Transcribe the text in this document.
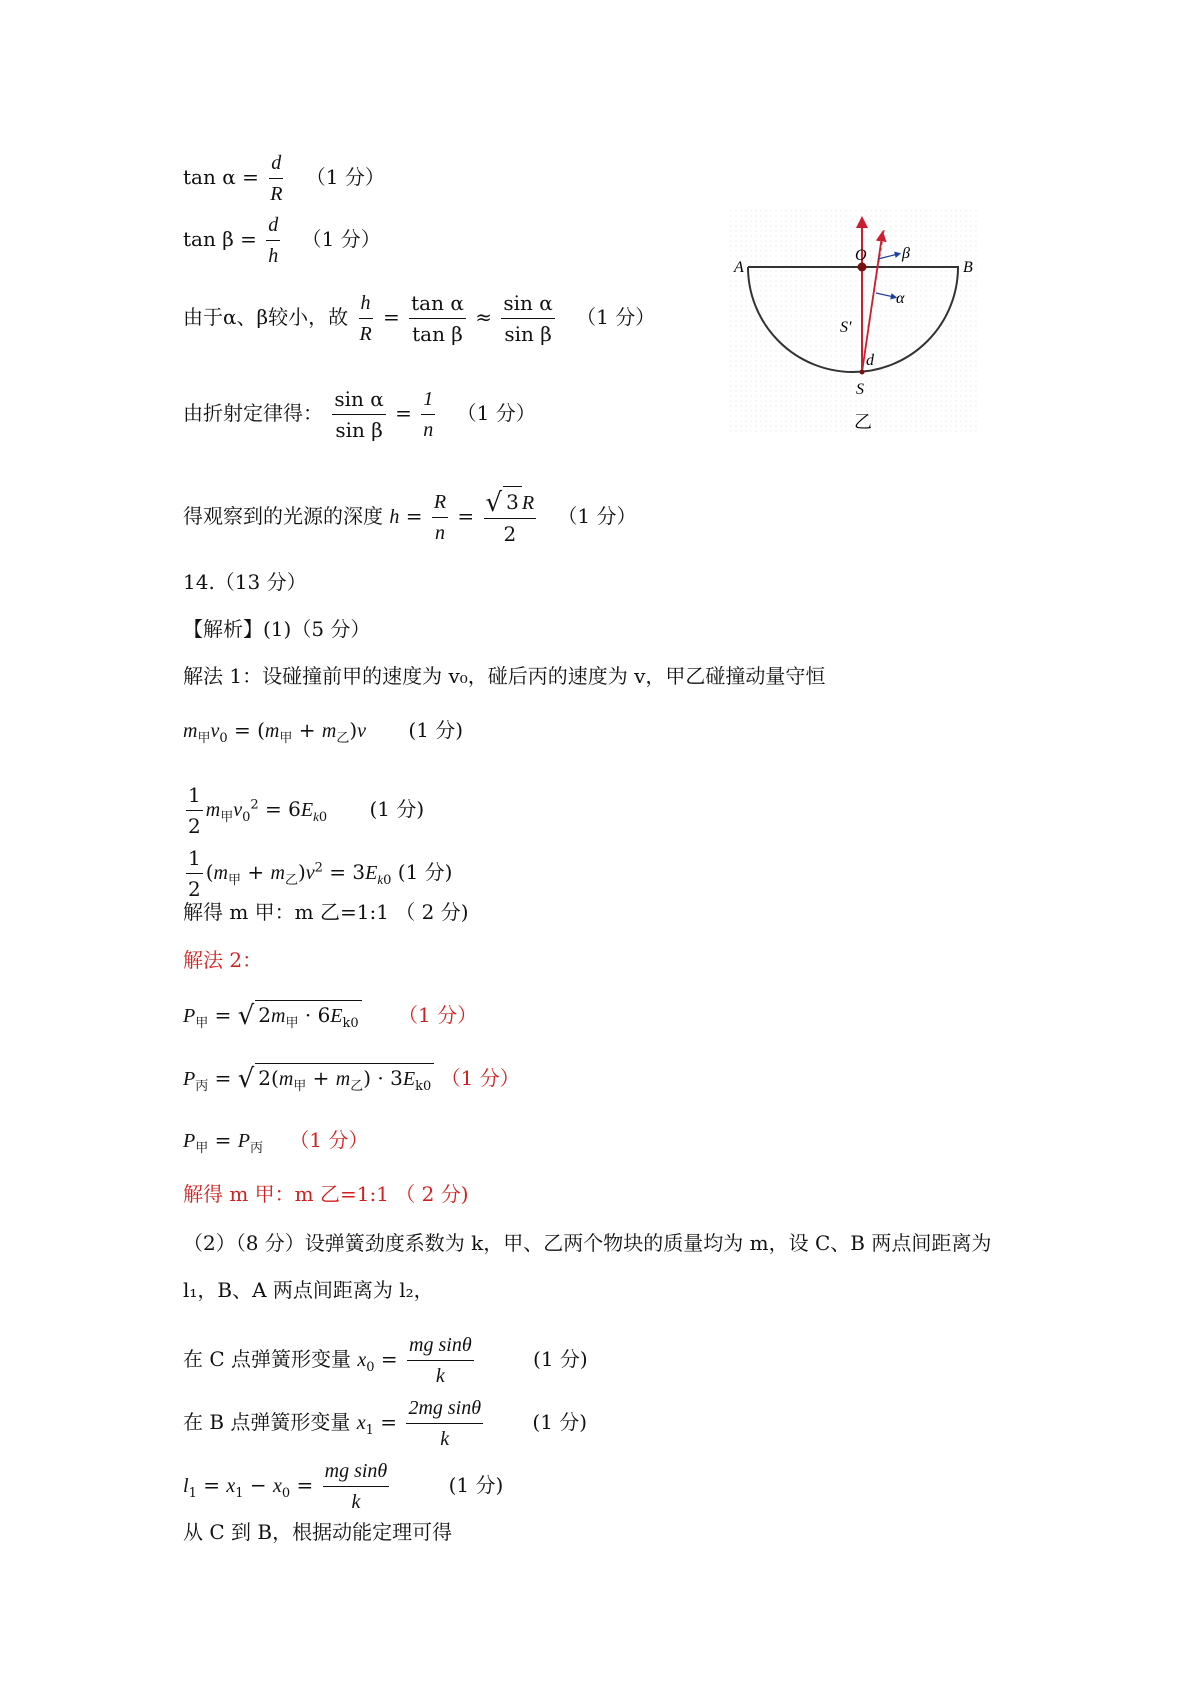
$\tan \alpha = \frac{d}{R} (1$ 分）
$\tan \beta = \frac{d}{h} (1$ 分）
由于α、β较小，故 $\frac{h}{R} = \frac{\text{tan α}}{\text{tan β}} \approx \frac{\text{sin α}}{\text{sin β}} (1$ 分）
由折射定律得： $\frac{\text{sin α}}{\text{sin β}} = \frac{1}{n} (1$ 分）
得观察到的光源的深度 $h = \frac{R}{n} = \frac{√ 3 R}{2} (1$ 分）
14.（13 分）
【解析】(1)（5 分）
解法 1：设碰撞前甲的速度为 v₀，碰后丙的速度为 v，甲乙碰撞动量守恒
$m_甲v_0 = (m_甲 + m_乙)v$ (1 分)
$\frac{1}{2} m_甲v_0^2 = 6E_{k0}$ (1 分)
$\frac{1}{2} (m_甲 + m_乙)v^2 = 3E_{k0}$ (1 分)
解得 m 甲：m 乙=1:1 （ 2 分)
解法 2：
$P_甲$ = √ $2m_甲 \cdot 6E_{k0}$ （1 分）
$P_丙$ = √ $2(m_甲 + m_乙) \cdot 3E_{k0}$ （1 分）
$P_甲 = P_丙$ （1 分）
解得 m 甲：m 乙=1:1 （ 2 分)
（2）（8 分）设弹簧劲度系数为 k，甲、乙两个物块的质量均为 m，设 C、B 两点间距离为
l₁，B、A 两点间距离为 l₂，
在 C 点弹簧形变量 $x_0 = \frac{\text{mg sinθ}}{k}$	(1 分)
在 B 点弹簧形变量 $x_1 = \frac{\text{2mg sinθ}}{k} (1$ 分)
$l_1 = x_1 - x_0 = \frac{\text{mg sinθ}}{k}$	(1 分)
从 C 到 B，根据动能定理可得
A	B
O β
α
S′
d
S
乙
